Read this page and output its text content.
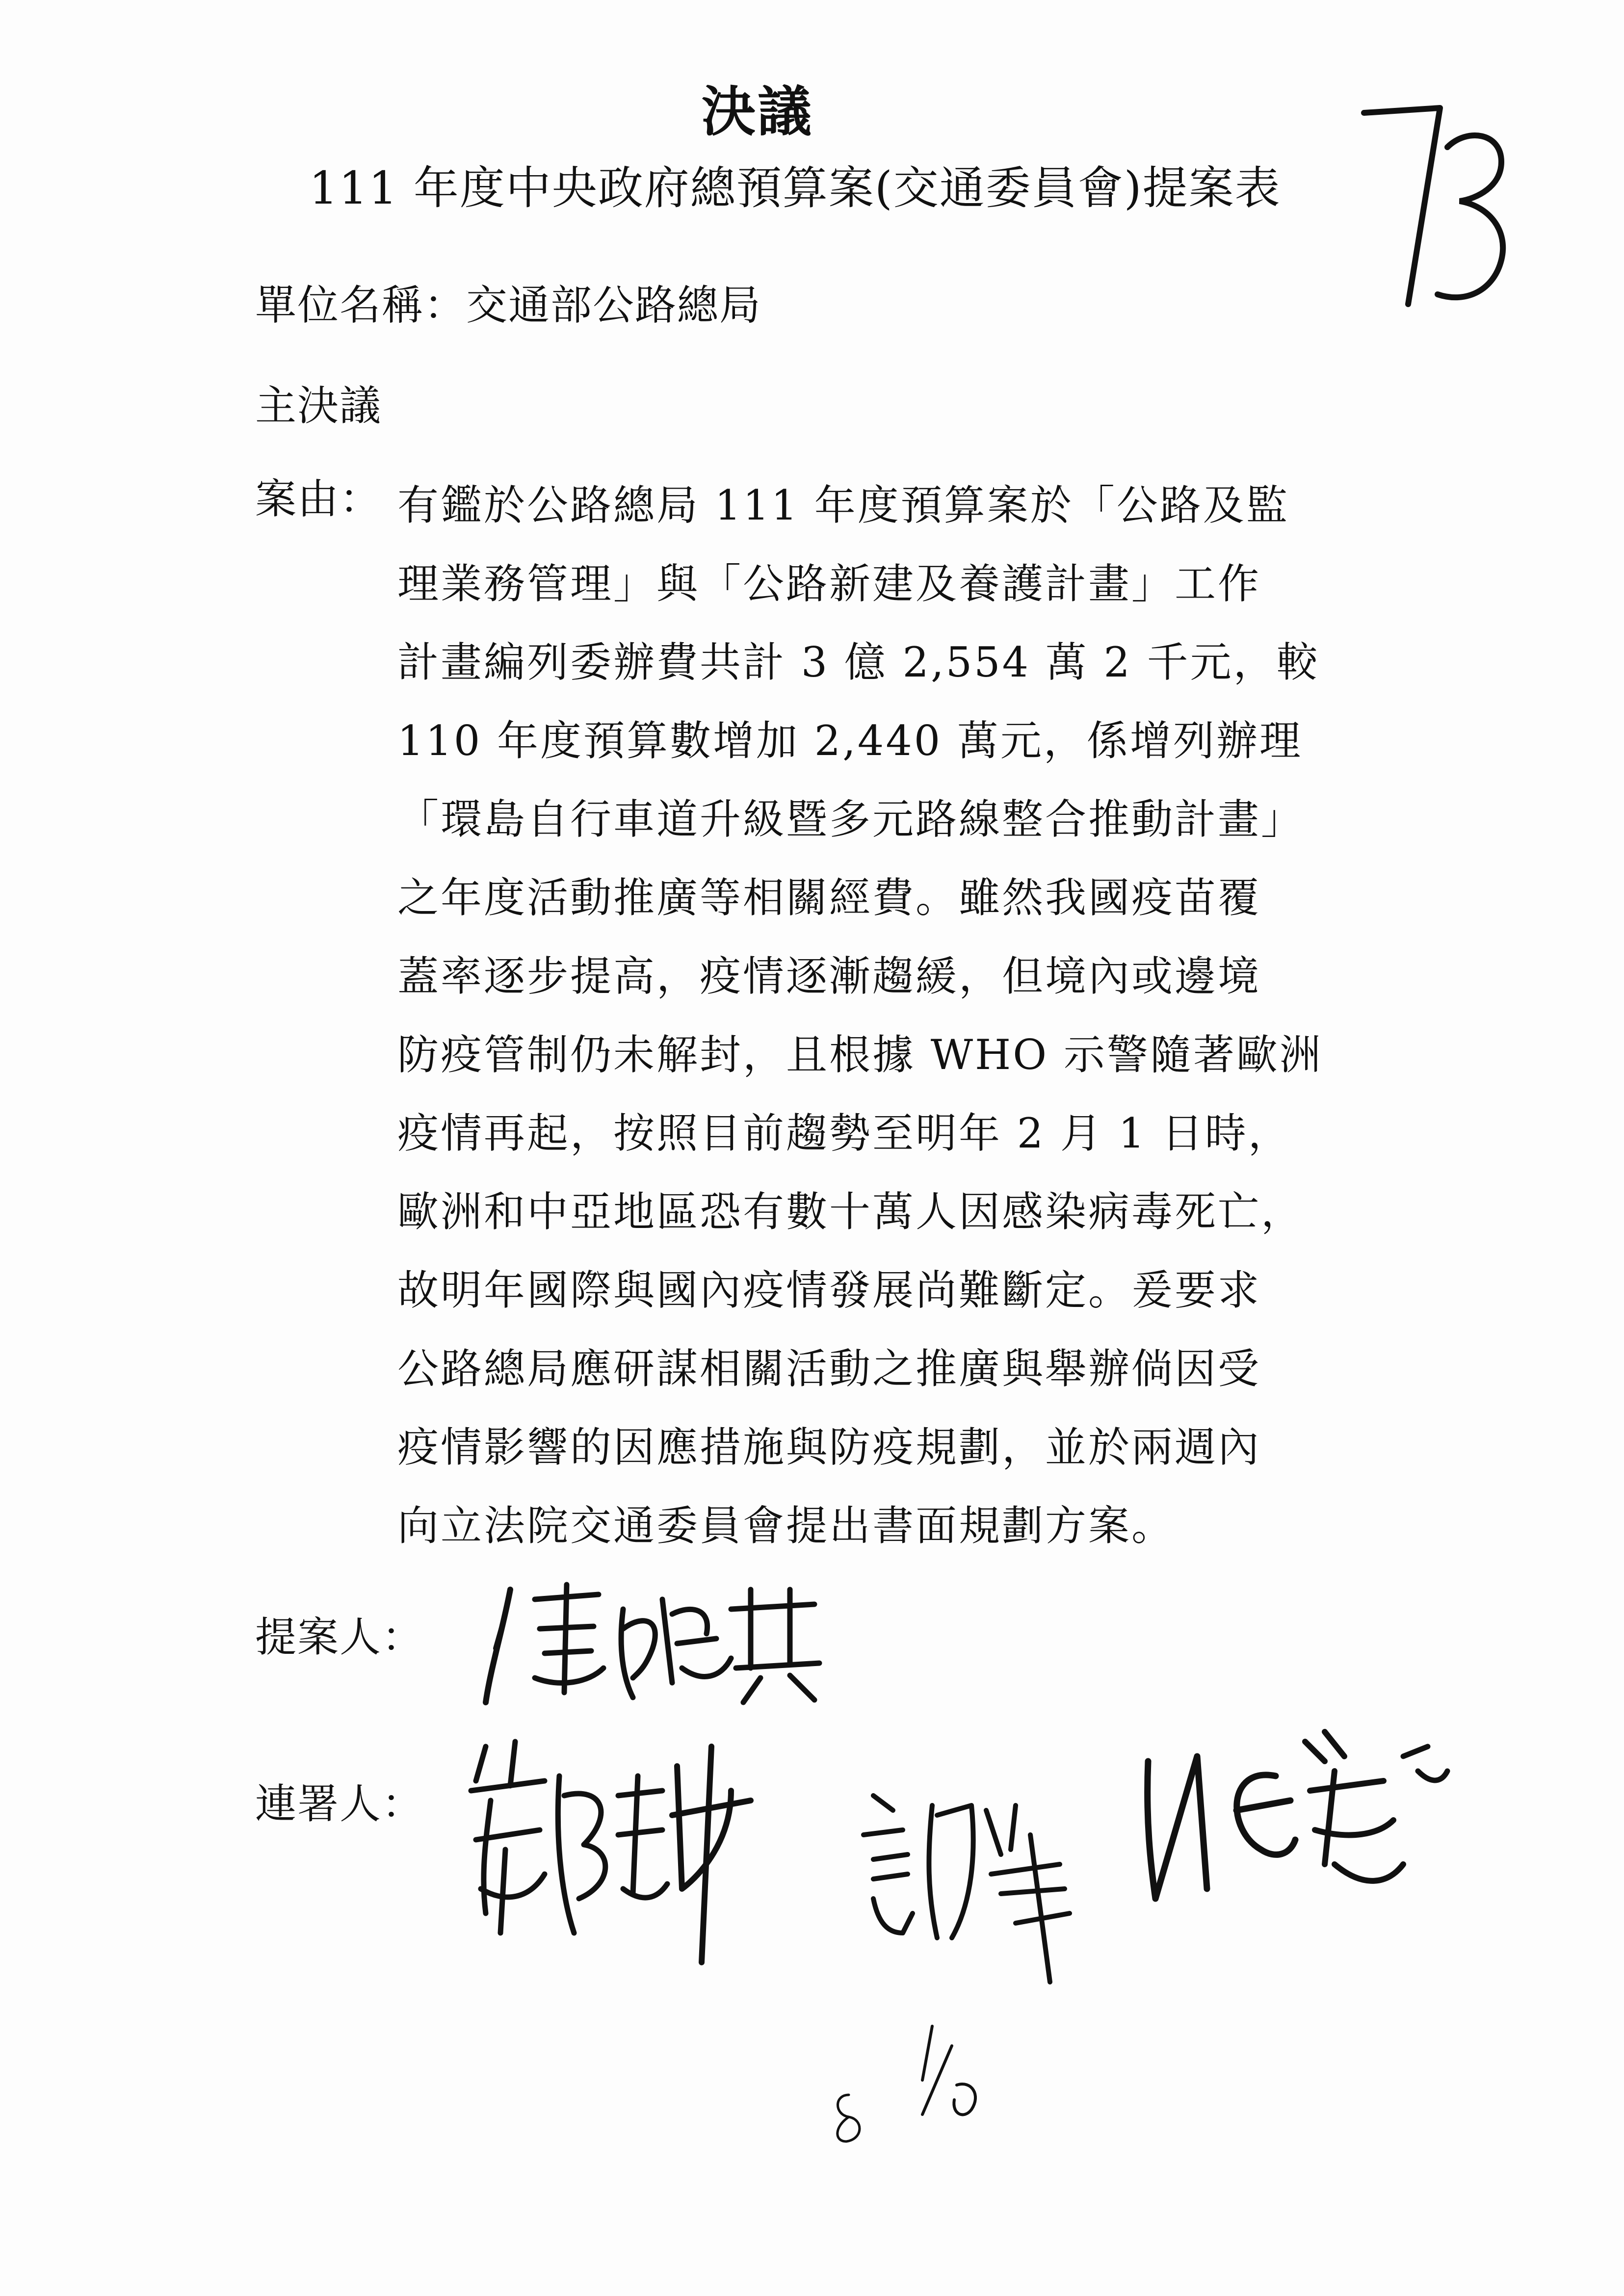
決議
111 年度中央政府總預算案(交通委員會)提案表
單位名稱：交通部公路總局
主決議
案由： 有鑑於公路總局 111 年度預算案於「公路及監
理業務管理」與「公路新建及養護計畫」工作
計畫編列委辦費共計 3 億 2,554 萬 2 千元，較
110 年度預算數增加 2,440 萬元，係增列辦理
「環島自行車道升級暨多元路線整合推動計畫」
之年度活動推廣等相關經費。雖然我國疫苗覆
蓋率逐步提高，疫情逐漸趨緩，但境內或邊境
防疫管制仍未解封，且根據 WHO 示警隨著歐洲
疫情再起，按照目前趨勢至明年 2 月 1 日時，
歐洲和中亞地區恐有數十萬人因感染病毒死亡，
故明年國際與國內疫情發展尚難斷定。爰要求
公路總局應研謀相關活動之推廣與舉辦倘因受
疫情影響的因應措施與防疫規劃，並於兩週內
向立法院交通委員會提出書面規劃方案。
提案人：
連署人：
